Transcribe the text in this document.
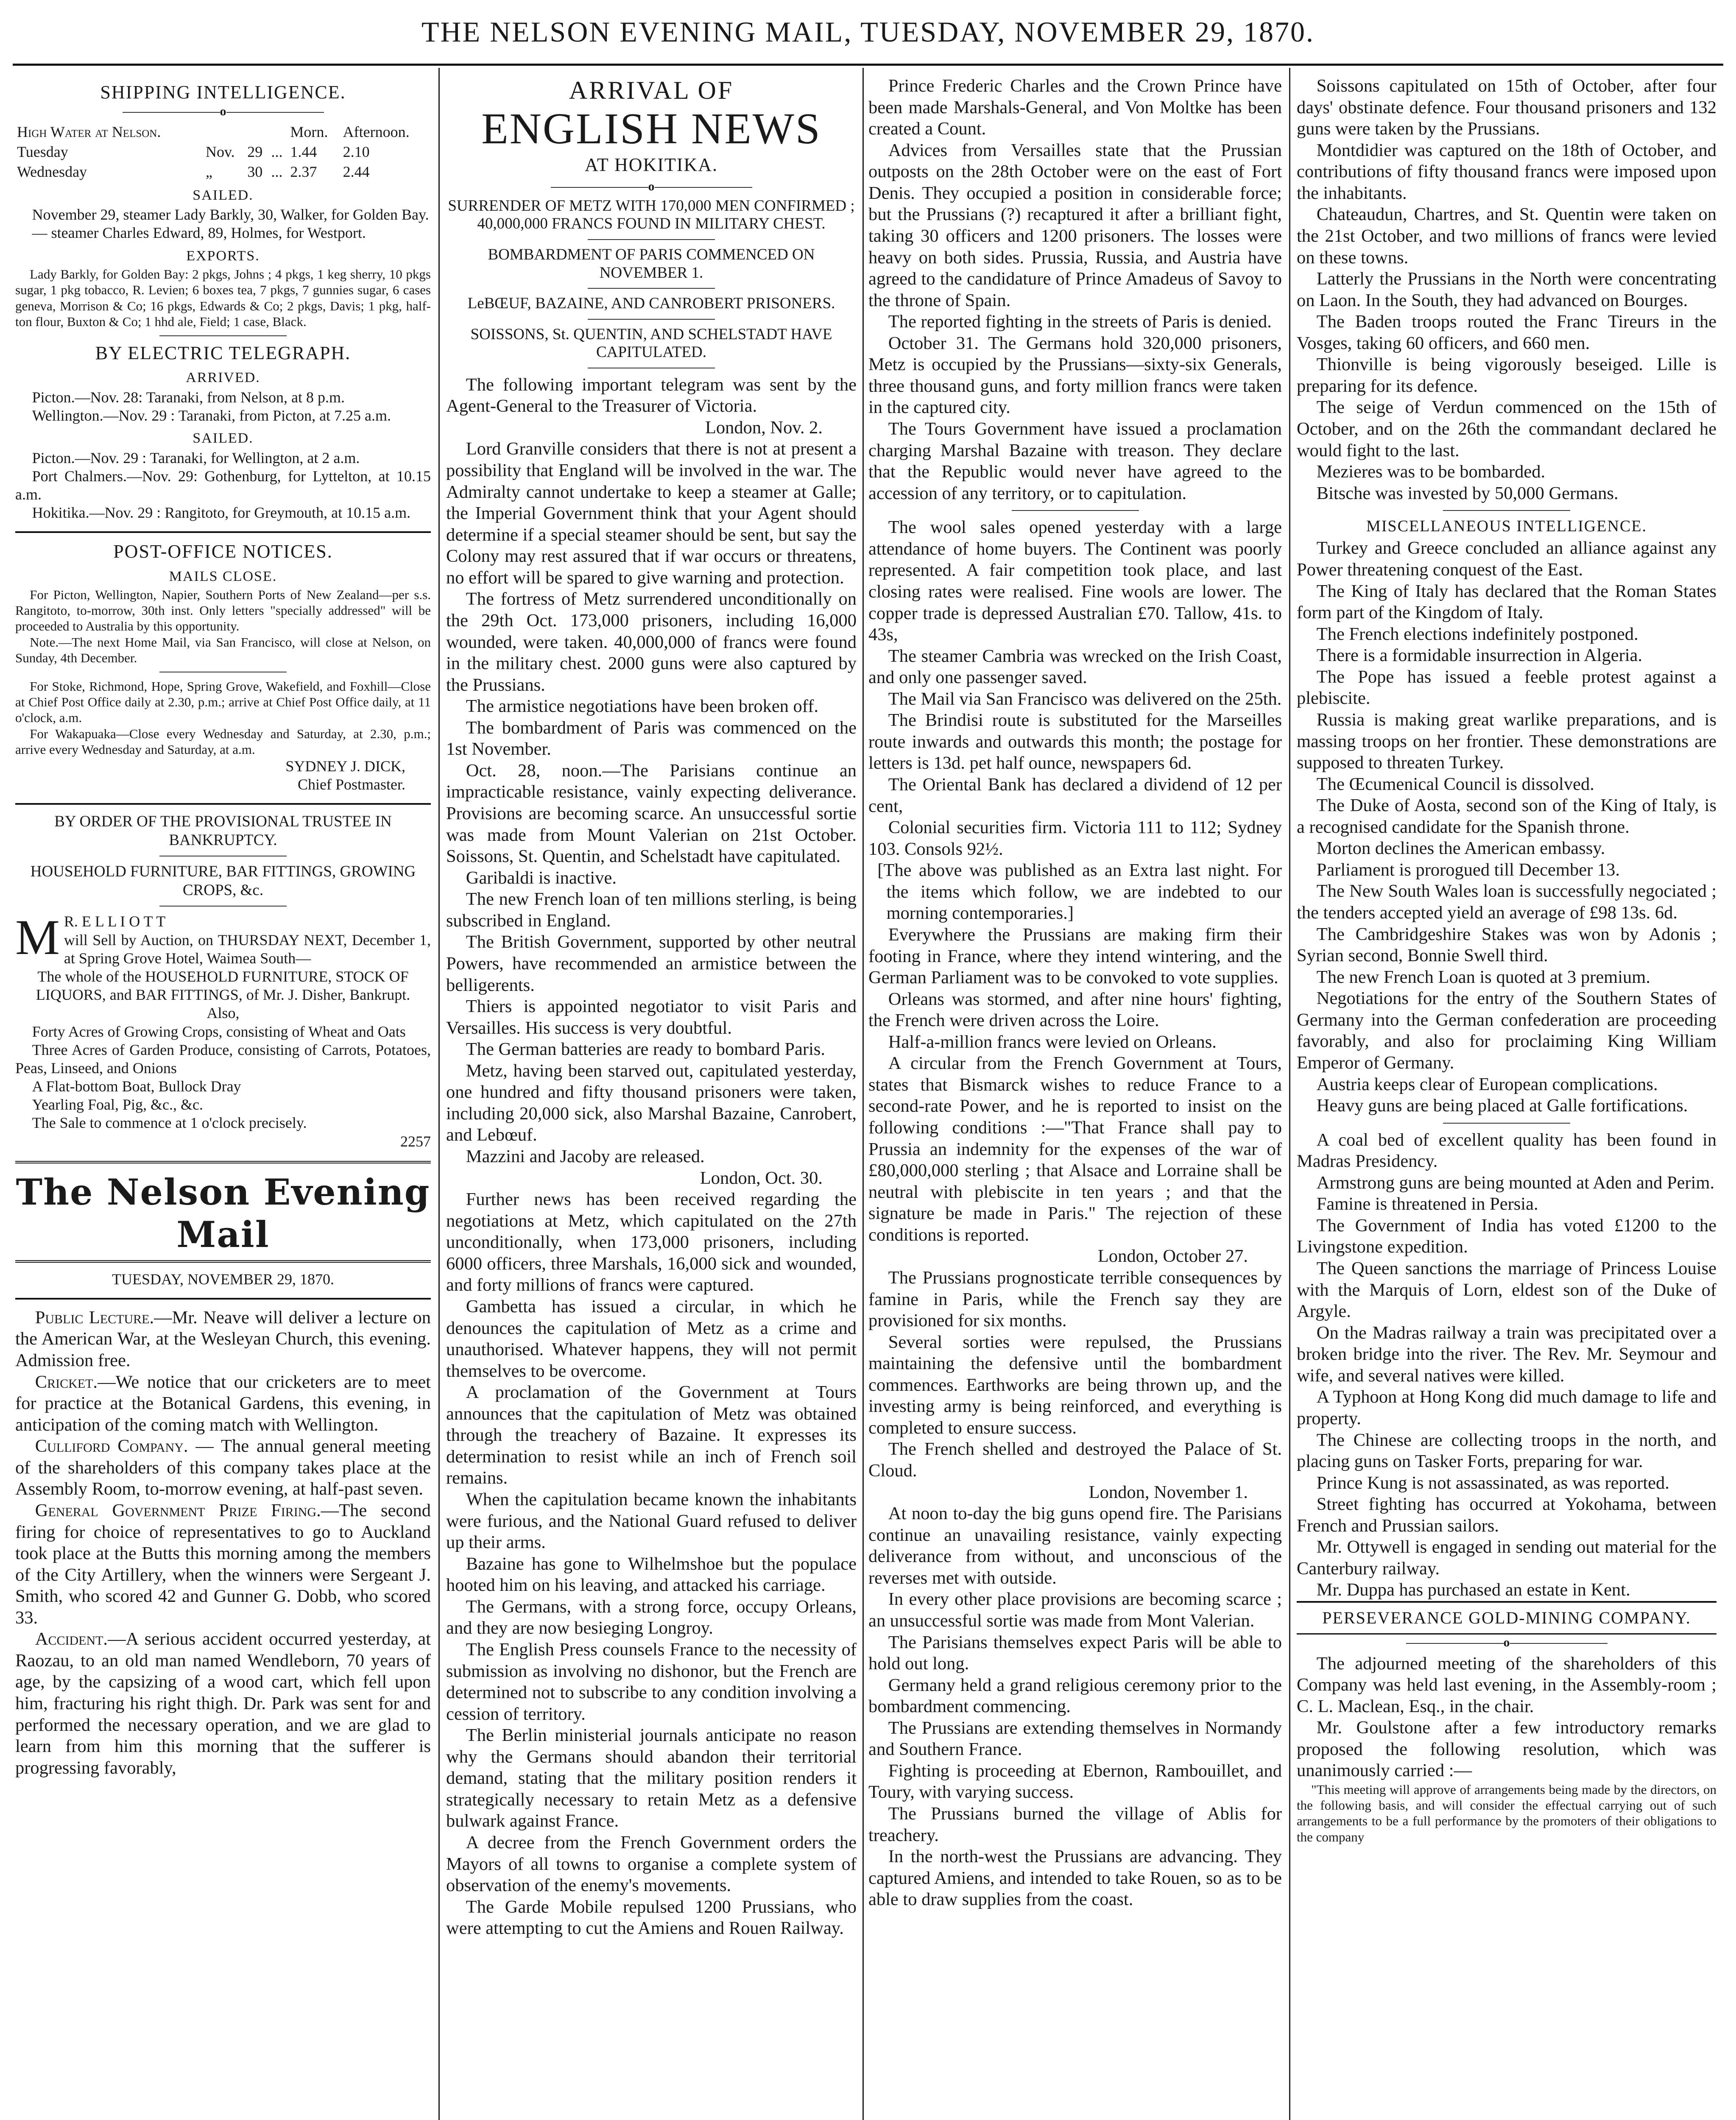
THE NELSON EVENING MAIL, TUESDAY, NOVEMBER 29, 1870.
SHIPPING INTELLIGENCE.
o
High Water at Nelson.				Morn.	Afternoon.
Tuesday	Nov.	29	...	1.44	2.10
Wednesday	„	30	...	2.37	2.44
SAILED.

November 29, steamer Lady Barkly, 30, Walker, for Golden Bay.

— steamer Charles Edward, 89, Holmes, for Westport.

EXPORTS.

Lady Barkly, for Golden Bay: 2 pkgs, Johns ; 4 pkgs, 1 keg sherry, 10 pkgs sugar, 1 pkg tobacco, R. Levien; 6 boxes tea, 7 pkgs, 7 gunnies sugar, 6 cases geneva, Morrison & Co; 16 pkgs, Edwards & Co; 2 pkgs, Davis; 1 pkg, half-ton flour, Buxton & Co; 1 hhd ale, Field; 1 case, Black.

BY ELECTRIC TELEGRAPH.
ARRIVED.

Picton.—Nov. 28: Taranaki, from Nelson, at 8 p.m.

Wellington.—Nov. 29 : Taranaki, from Picton, at 7.25 a.m.

SAILED.

Picton.—Nov. 29 : Taranaki, for Wellington, at 2 a.m.

Port Chalmers.—Nov. 29: Gothenburg, for Lyttelton, at 10.15 a.m.

Hokitika.—Nov. 29 : Rangitoto, for Greymouth, at 10.15 a.m.

POST-OFFICE NOTICES.
MAILS CLOSE.

For Picton, Wellington, Napier, Southern Ports of New Zealand—per s.s. Rangitoto, to-morrow, 30th inst. Only letters "specially addressed" will be proceeded to Australia by this opportunity.

Note.—The next Home Mail, via San Francisco, will close at Nelson, on Sunday, 4th December.

For Stoke, Richmond, Hope, Spring Grove, Wakefield, and Foxhill—Close at Chief Post Office daily at 2.30, p.m.; arrive at Chief Post Office daily, at 11 o'clock, a.m.

For Wakapuaka—Close every Wednesday and Saturday, at 2.30, p.m.; arrive every Wednesday and Saturday, at a.m.

SYDNEY J. DICK,

Chief Postmaster.

BY ORDER OF THE PROVISIONAL TRUSTEE IN BANKRUPTCY.

HOUSEHOLD FURNITURE, BAR FITTINGS, GROWING CROPS, &c.

M R. E L L I O T T
will Sell by Auction, on THURSDAY NEXT, December 1, at Spring Grove Hotel, Waimea South—

The whole of the HOUSEHOLD FURNITURE, STOCK OF LIQUORS, and BAR FITTINGS, of Mr. J. Disher, Bankrupt.

Also,

Forty Acres of Growing Crops, consisting of Wheat and Oats

Three Acres of Garden Produce, consisting of Carrots, Potatoes, Peas, Linseed, and Onions

A Flat-bottom Boat, Bullock Dray

Yearling Foal, Pig, &c., &c.

The Sale to commence at 1 o'clock precisely.

2257

The Nelson Evening Mail

TUESDAY, NOVEMBER 29, 1870.

Public Lecture.—Mr. Neave will deliver a lecture on the American War, at the Wesleyan Church, this evening. Admission free.

Cricket.—We notice that our cricketers are to meet for practice at the Botanical Gardens, this evening, in anticipation of the coming match with Wellington.

Culliford Company. — The annual general meeting of the shareholders of this company takes place at the Assembly Room, to-morrow evening, at half-past seven.

General Government Prize Firing.—The second firing for choice of representatives to go to Auckland took place at the Butts this morning among the members of the City Artillery, when the winners were Sergeant J. Smith, who scored 42 and Gunner G. Dobb, who scored 33.

Accident.—A serious accident occurred yesterday, at Raozau, to an old man named Wendleborn, 70 years of age, by the capsizing of a wood cart, which fell upon him, fracturing his right thigh. Dr. Park was sent for and performed the necessary operation, and we are glad to learn from him this morning that the sufferer is progressing favorably,

ARRIVAL OF
ENGLISH NEWS
AT HOKITIKA.
o

SURRENDER OF METZ WITH 170,000 MEN CONFIRMED ; 40,000,000 FRANCS FOUND IN MILITARY CHEST.

BOMBARDMENT OF PARIS COMMENCED ON NOVEMBER 1.

LeBŒUF, BAZAINE, AND CANROBERT PRISONERS.

SOISSONS, St. QUENTIN, AND SCHELSTADT HAVE CAPITULATED.

The following important telegram was sent by the Agent-General to the Treasurer of Victoria.

London, Nov. 2.

Lord Granville considers that there is not at present a possibility that England will be involved in the war. The Admiralty cannot undertake to keep a steamer at Galle; the Imperial Government think that your Agent should determine if a special steamer should be sent, but say the Colony may rest assured that if war occurs or threatens, no effort will be spared to give warning and protection.

The fortress of Metz surrendered unconditionally on the 29th Oct. 173,000 prisoners, including 16,000 wounded, were taken. 40,000,000 of francs were found in the military chest. 2000 guns were also captured by the Prussians.

The armistice negotiations have been broken off.

The bombardment of Paris was commenced on the 1st November.

Oct. 28, noon.—The Parisians continue an impracticable resistance, vainly expecting deliverance. Provisions are becoming scarce. An unsuccessful sortie was made from Mount Valerian on 21st October. Soissons, St. Quentin, and Schelstadt have capitulated.

Garibaldi is inactive.

The new French loan of ten millions sterling, is being subscribed in England.

The British Government, supported by other neutral Powers, have recommended an armistice between the belligerents.

Thiers is appointed negotiator to visit Paris and Versailles. His success is very doubtful.

The German batteries are ready to bombard Paris.

Metz, having been starved out, capitulated yesterday, one hundred and fifty thousand prisoners were taken, including 20,000 sick, also Marshal Bazaine, Canrobert, and Lebœuf.

Mazzini and Jacoby are released.

London, Oct. 30.

Further news has been received regarding the negotiations at Metz, which capitulated on the 27th unconditionally, when 173,000 prisoners, including 6000 officers, three Marshals, 16,000 sick and wounded, and forty millions of francs were captured.

Gambetta has issued a circular, in which he denounces the capitulation of Metz as a crime and unauthorised. Whatever happens, they will not permit themselves to be overcome.

A proclamation of the Government at Tours announces that the capitulation of Metz was obtained through the treachery of Bazaine. It expresses its determination to resist while an inch of French soil remains.

When the capitulation became known the inhabitants were furious, and the National Guard refused to deliver up their arms.

Bazaine has gone to Wilhelmshoe but the populace hooted him on his leaving, and attacked his carriage.

The Germans, with a strong force, occupy Orleans, and they are now besieging Longroy.

The English Press counsels France to the necessity of submission as involving no dishonor, but the French are determined not to subscribe to any condition involving a cession of territory.

The Berlin ministerial journals anticipate no reason why the Germans should abandon their territorial demand, stating that the military position renders it strategically necessary to retain Metz as a defensive bulwark against France.

A decree from the French Government orders the Mayors of all towns to organise a complete system of observation of the enemy's movements.

The Garde Mobile repulsed 1200 Prussians, who were attempting to cut the Amiens and Rouen Railway.

Prince Frederic Charles and the Crown Prince have been made Marshals-General, and Von Moltke has been created a Count.

Advices from Versailles state that the Prussian outposts on the 28th October were on the east of Fort Denis. They occupied a position in considerable force; but the Prussians (?) recaptured it after a brilliant fight, taking 30 officers and 1200 prisoners. The losses were heavy on both sides. Prussia, Russia, and Austria have agreed to the candidature of Prince Amadeus of Savoy to the throne of Spain.

The reported fighting in the streets of Paris is denied.

October 31. The Germans hold 320,000 prisoners, Metz is occupied by the Prussians—sixty-six Generals, three thousand guns, and forty million francs were taken in the captured city.

The Tours Government have issued a proclamation charging Marshal Bazaine with treason. They declare that the Republic would never have agreed to the accession of any territory, or to capitulation.

The wool sales opened yesterday with a large attendance of home buyers. The Continent was poorly represented. A fair competition took place, and last closing rates were realised. Fine wools are lower. The copper trade is depressed Australian £70. Tallow, 41s. to 43s,

The steamer Cambria was wrecked on the Irish Coast, and only one passenger saved.

The Mail via San Francisco was delivered on the 25th.

The Brindisi route is substituted for the Marseilles route inwards and outwards this month; the postage for letters is 13d. pet half ounce, newspapers 6d.

The Oriental Bank has declared a dividend of 12 per cent,

Colonial securities firm. Victoria 111 to 112; Sydney 103. Consols 92½.

[The above was published as an Extra last night. For the items which follow, we are indebted to our morning contemporaries.]

Everywhere the Prussians are making firm their footing in France, where they intend wintering, and the German Parliament was to be convoked to vote supplies.

Orleans was stormed, and after nine hours' fighting, the French were driven across the Loire.

Half-a-million francs were levied on Orleans.

A circular from the French Government at Tours, states that Bismarck wishes to reduce France to a second-rate Power, and he is reported to insist on the following conditions :—"That France shall pay to Prussia an indemnity for the expenses of the war of £80,000,000 sterling ; that Alsace and Lorraine shall be neutral with plebiscite in ten years ; and that the signature be made in Paris." The rejection of these conditions is reported.

London, October 27.

The Prussians prognosticate terrible consequences by famine in Paris, while the French say they are provisioned for six months.

Several sorties were repulsed, the Prussians maintaining the defensive until the bombardment commences. Earthworks are being thrown up, and the investing army is being reinforced, and everything is completed to ensure success.

The French shelled and destroyed the Palace of St. Cloud.

London, November 1.

At noon to-day the big guns opend fire. The Parisians continue an unavailing resistance, vainly expecting deliverance from without, and unconscious of the reverses met with outside.

In every other place provisions are becoming scarce ; an unsuccessful sortie was made from Mont Valerian.

The Parisians themselves expect Paris will be able to hold out long.

Germany held a grand religious ceremony prior to the bombardment commencing.

The Prussians are extending themselves in Normandy and Southern France.

Fighting is proceeding at Ebernon, Rambouillet, and Toury, with varying success.

The Prussians burned the village of Ablis for treachery.

In the north-west the Prussians are advancing. They captured Amiens, and intended to take Rouen, so as to be able to draw supplies from the coast.

Soissons capitulated on 15th of October, after four days' obstinate defence. Four thousand prisoners and 132 guns were taken by the Prussians.

Montdidier was captured on the 18th of October, and contributions of fifty thousand francs were imposed upon the inhabitants.

Chateaudun, Chartres, and St. Quentin were taken on the 21st October, and two millions of francs were levied on these towns.

Latterly the Prussians in the North were concentrating on Laon. In the South, they had advanced on Bourges.

The Baden troops routed the Franc Tireurs in the Vosges, taking 60 officers, and 660 men.

Thionville is being vigorously beseiged. Lille is preparing for its defence.

The seige of Verdun commenced on the 15th of October, and on the 26th the commandant declared he would fight to the last.

Mezieres was to be bombarded.

Bitsche was invested by 50,000 Germans.

MISCELLANEOUS INTELLIGENCE.

Turkey and Greece concluded an alliance against any Power threatening conquest of the East.

The King of Italy has declared that the Roman States form part of the Kingdom of Italy.

The French elections indefinitely postponed.

There is a formidable insurrection in Algeria.

The Pope has issued a feeble protest against a plebiscite.

Russia is making great warlike preparations, and is massing troops on her frontier. These demonstrations are supposed to threaten Turkey.

The Œcumenical Council is dissolved.

The Duke of Aosta, second son of the King of Italy, is a recognised candidate for the Spanish throne.

Morton declines the American embassy.

Parliament is prorogued till December 13.

The New South Wales loan is successfully negociated ; the tenders accepted yield an average of £98 13s. 6d.

The Cambridgeshire Stakes was won by Adonis ; Syrian second, Bonnie Swell third.

The new French Loan is quoted at 3 premium.

Negotiations for the entry of the Southern States of Germany into the German confederation are proceeding favorably, and also for proclaiming King William Emperor of Germany.

Austria keeps clear of European complications.

Heavy guns are being placed at Galle fortifications.

A coal bed of excellent quality has been found in Madras Presidency.

Armstrong guns are being mounted at Aden and Perim.

Famine is threatened in Persia.

The Government of India has voted £1200 to the Livingstone expedition.

The Queen sanctions the marriage of Princess Louise with the Marquis of Lorn, eldest son of the Duke of Argyle.

On the Madras railway a train was precipitated over a broken bridge into the river. The Rev. Mr. Seymour and wife, and several natives were killed.

A Typhoon at Hong Kong did much damage to life and property.

The Chinese are collecting troops in the north, and placing guns on Tasker Forts, preparing for war.

Prince Kung is not assassinated, as was reported.

Street fighting has occurred at Yokohama, between French and Prussian sailors.

Mr. Ottywell is engaged in sending out material for the Canterbury railway.

Mr. Duppa has purchased an estate in Kent.

PERSEVERANCE GOLD-MINING COMPANY.
o

The adjourned meeting of the shareholders of this Company was held last evening, in the Assembly-room ; C. L. Maclean, Esq., in the chair.

Mr. Goulstone after a few introductory remarks proposed the following resolution, which was unanimously carried :—

"This meeting will approve of arrangements being made by the directors, on the following basis, and will consider the effectual carrying out of such arrangements to be a full performance by the promoters of their obligations to the company
